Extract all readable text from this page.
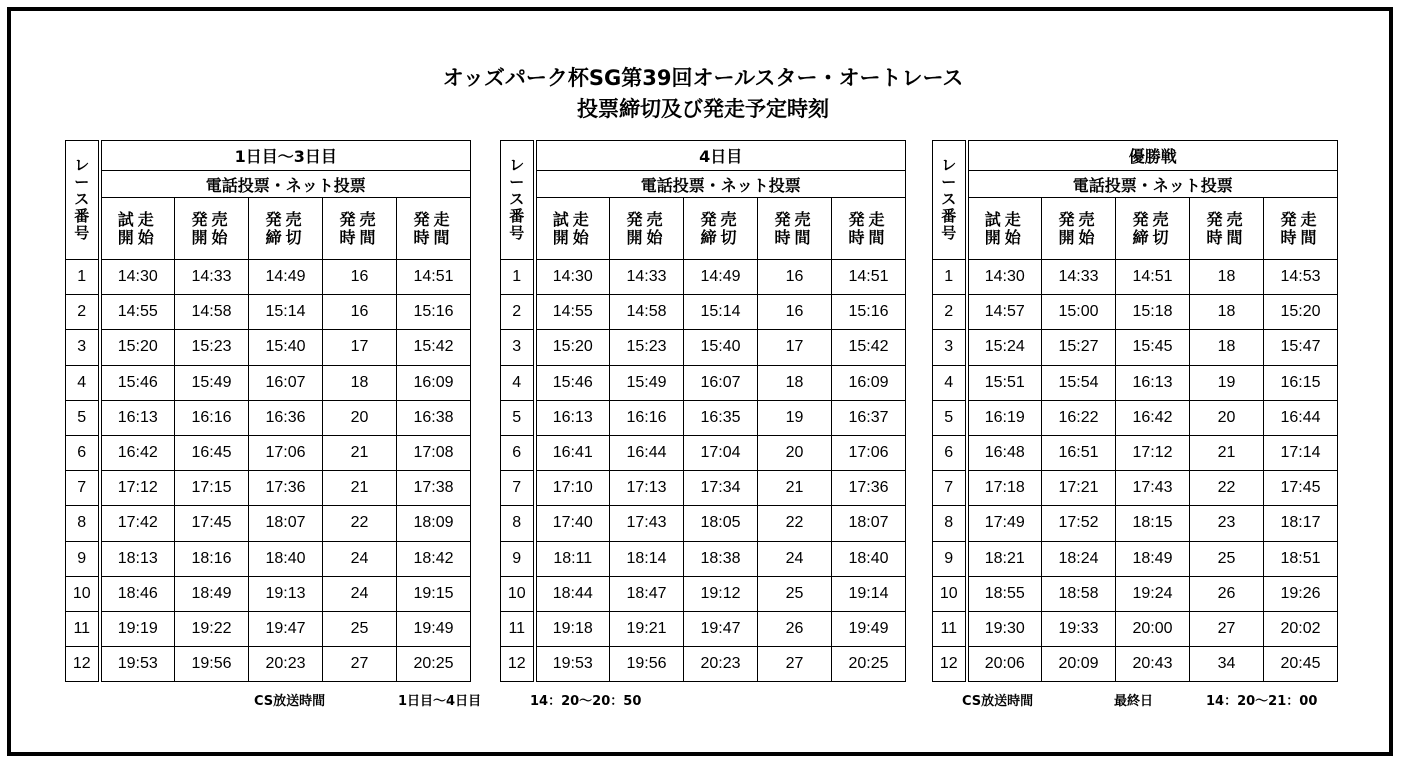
オッズパーク杯SG第39回オールスター・オートレース
投票締切及び発走予定時刻
レース番号	1日目～3日目				
	電話投票・ネット投票				
	試走開始	発売開始	発売締切	発売時間	発走時間
1	14:30	14:33	14:49	16	14:51
2	14:55	14:58	15:14	16	15:16
3	15:20	15:23	15:40	17	15:42
4	15:46	15:49	16:07	18	16:09
5	16:13	16:16	16:36	20	16:38
6	16:42	16:45	17:06	21	17:08
7	17:12	17:15	17:36	21	17:38
8	17:42	17:45	18:07	22	18:09
9	18:13	18:16	18:40	24	18:42
10	18:46	18:49	19:13	24	19:15
11	19:19	19:22	19:47	25	19:49
12	19:53	19:56	20:23	27	20:25
レース番号	4日目				
	電話投票・ネット投票				
	試走開始	発売開始	発売締切	発売時間	発走時間
1	14:30	14:33	14:49	16	14:51
2	14:55	14:58	15:14	16	15:16
3	15:20	15:23	15:40	17	15:42
4	15:46	15:49	16:07	18	16:09
5	16:13	16:16	16:35	19	16:37
6	16:41	16:44	17:04	20	17:06
7	17:10	17:13	17:34	21	17:36
8	17:40	17:43	18:05	22	18:07
9	18:11	18:14	18:38	24	18:40
10	18:44	18:47	19:12	25	19:14
11	19:18	19:21	19:47	26	19:49
12	19:53	19:56	20:23	27	20:25
レース番号	優勝戦				
	電話投票・ネット投票				
	試走開始	発売開始	発売締切	発売時間	発走時間
1	14:30	14:33	14:51	18	14:53
2	14:57	15:00	15:18	18	15:20
3	15:24	15:27	15:45	18	15:47
4	15:51	15:54	16:13	19	16:15
5	16:19	16:22	16:42	20	16:44
6	16:48	16:51	17:12	21	17:14
7	17:18	17:21	17:43	22	17:45
8	17:49	17:52	18:15	23	18:17
9	18:21	18:24	18:49	25	18:51
10	18:55	18:58	19:24	26	19:26
11	19:30	19:33	20:00	27	20:02
12	20:06	20:09	20:43	34	20:45
CS放送時間	1日目～4日目	14：20～20：50	CS放送時間	最終日	14：20～21：00
